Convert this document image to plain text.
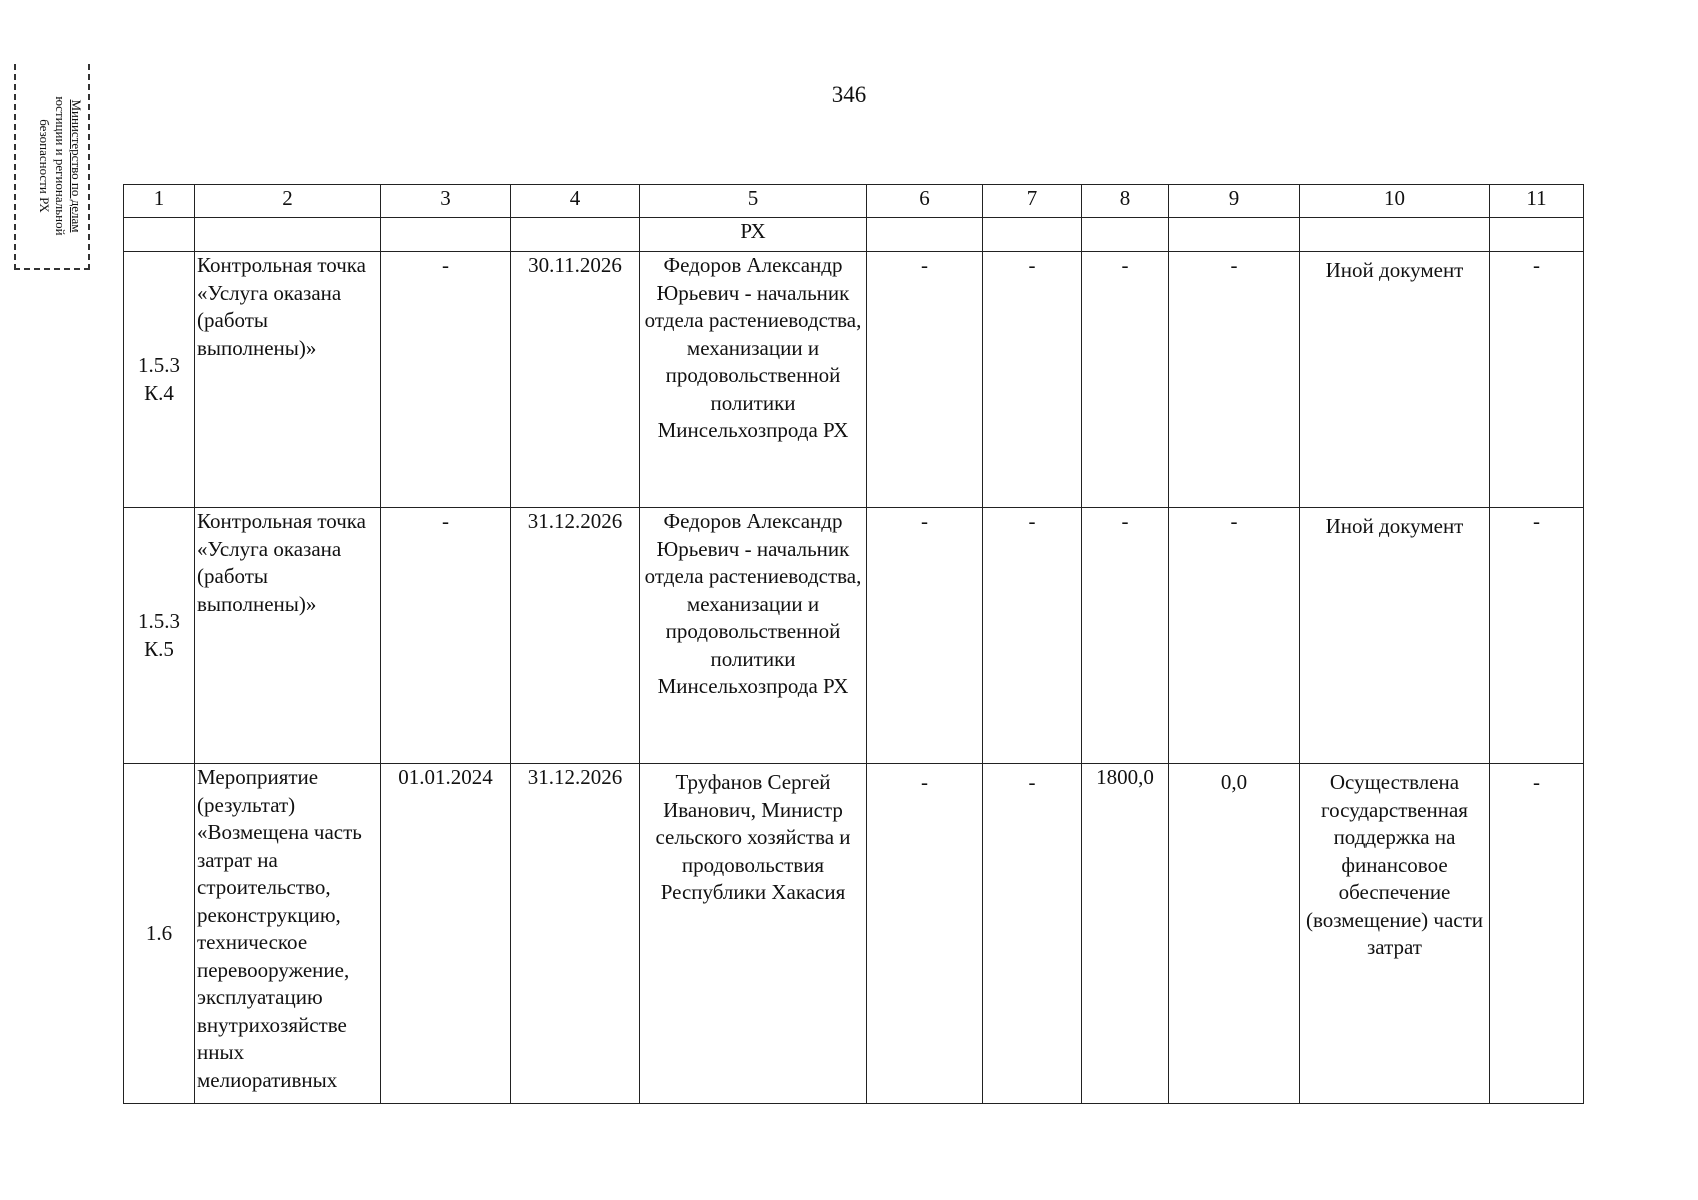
346
Министерство по делам
юстиции и региональной
безопасности РХ	1	2	3	4	5	6	7	8	9	10	11
				РХ						
1.5.3 К.4	Контрольная точка «Услуга оказана (работы выполнены)»	-	30.11.2026	Федоров Александр Юрьевич - начальник отдела растениеводства, механизации и продовольственной политики Минсельхозпрода РХ	-	-	-	-	Иной документ	-
1.5.3 К.5	Контрольная точка «Услуга оказана (работы выполнены)»	-	31.12.2026	Федоров Александр Юрьевич - начальник отдела растениеводства, механизации и продовольственной политики Минсельхозпрода РХ	-	-	-	-	Иной документ	-
1.6	Мероприятие (результат) «Возмещена часть затрат на строительство, реконструкцию, техническое перевооружение, эксплуатацию внутрихозяйстве нных мелиоративных	01.01.2024	31.12.2026	Труфанов Сергей Иванович, Министр сельского хозяйства и продовольствия Республики Хакасия	-	-	1800,0	0,0	Осуществлена государственная поддержка на финансовое обеспечение (возмещение) части затрат	-
